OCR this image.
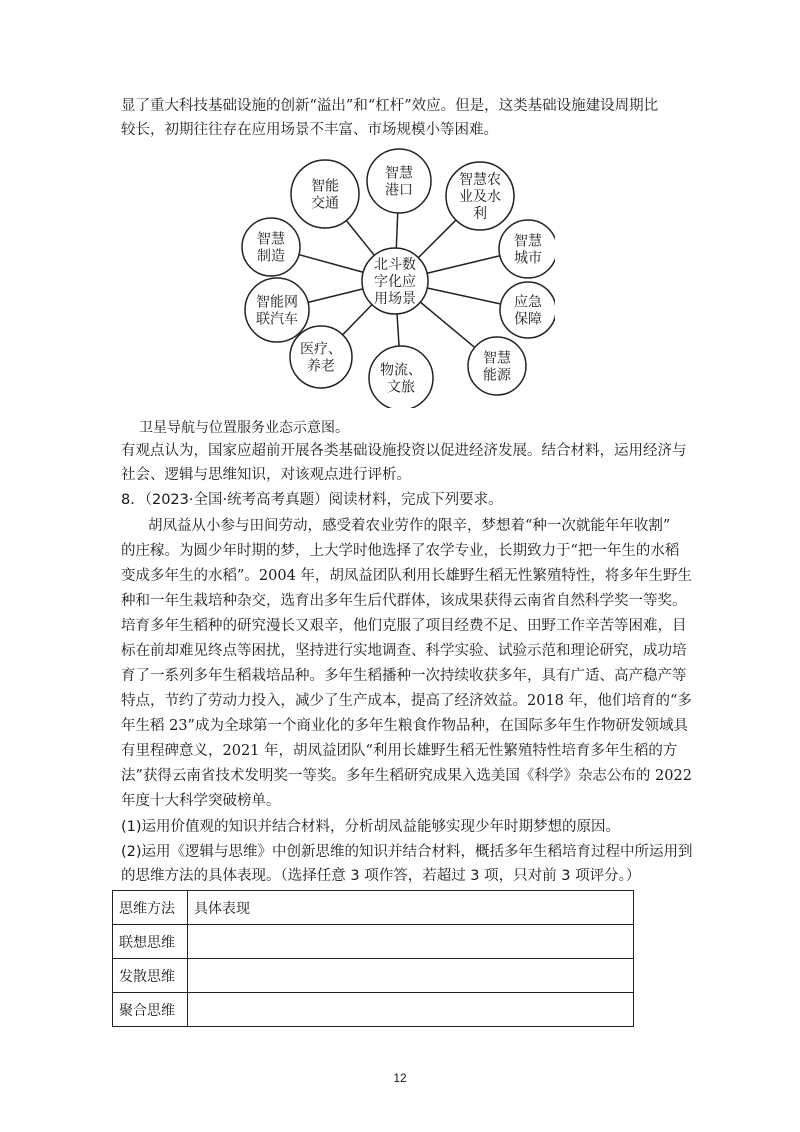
显了重大科技基础设施的创新“溢出”和“杠杆”效应。但是，这类基础设施建设周期比
较长，初期往往存在应用场景不丰富、市场规模小等困难。
智慧
港口
智慧农
业及水
利
智慧
城市
应急
保障
智慧
能源
物流、
文旅
医疗、
养老
智能网
联汽车
智慧
制造
智能
交通
北斗数
字化应
用场景
卫星导航与位置服务业态示意图。
有观点认为，国家应超前开展各类基础设施投资以促进经济发展。结合材料，运用经济与
社会、逻辑与思维知识，对该观点进行评析。
8．（2023·全国·统考高考真题）阅读材料，完成下列要求。
胡凤益从小参与田间劳动，感受着农业劳作的限辛，梦想着“种一次就能年年收割”
的庄稼。为圆少年时期的梦，上大学时他选择了农学专业，长期致力于“把一年生的水稻
变成多年生的水稻”。2004 年，胡凤益团队利用长雄野生稻无性繁殖特性，将多年生野生
种和一年生栽培种杂交，选育出多年生后代群体，该成果获得云南省自然科学奖一等奖。
培育多年生稻种的研究漫长又艰辛，他们克服了项目经费不足、田野工作辛苦等困难，目
标在前却难见终点等困扰，坚持进行实地调查、科学实验、试验示范和理论研究，成功培
育了一系列多年生稻栽培品种。多年生稻播种一次持续收获多年，具有广适、高产稳产等
特点，节约了劳动力投入，减少了生产成本，提高了经济效益。2018 年，他们培育的“多
年生稻 23”成为全球第一个商业化的多年生粮食作物品种，在国际多年生作物研发领域具
有里程碑意义，2021 年，胡凤益团队“利用长雄野生稻无性繁殖特性培育多年生稻的方
法”获得云南省技术发明奖一等奖。多年生稻研究成果入选美国《科学》杂志公布的 2022
年度十大科学突破榜单。
(1)运用价值观的知识并结合材料，分析胡凤益能够实现少年时期梦想的原因。
(2)运用《逻辑与思维》中创新思维的知识并结合材料，概括多年生稻培育过程中所运用到
的思维方法的具体表现。（选择任意 3 项作答，若超过 3 项，只对前 3 项评分。）
思维方法	具体表现
联想思维	
发散思维	
聚合思维	
12
